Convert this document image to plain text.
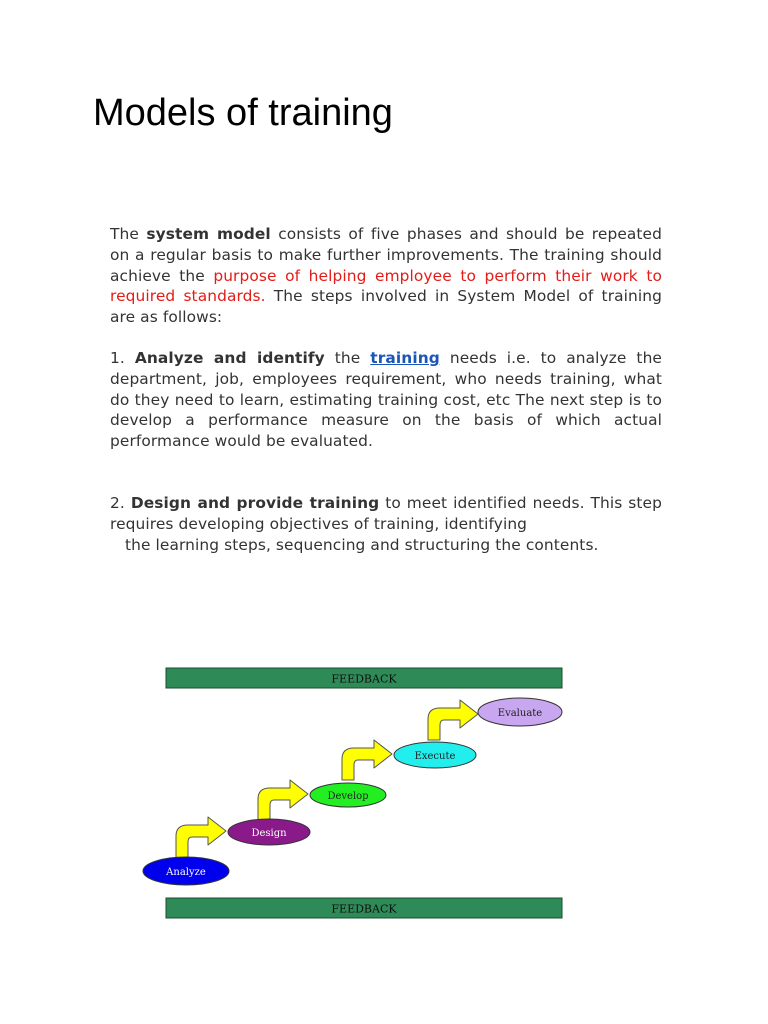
Models of training

The system model consists of five phases and should be repeated on a regular basis to make further improvements. The training should achieve the purpose of helping employee to perform their work to required standards. The steps involved in System Model of training are as follows:

1. Analyze and identify the training needs i.e. to analyze the department, job, employees requirement, who needs training, what do they need to learn, estimating training cost, etc The next step is to develop a performance measure on the basis of which actual performance would be evaluated.

2. Design and provide training to meet identified needs. This step requires developing objectives of training, identifying
the learning steps, sequencing and structuring the contents.

FEEDBACK
FEEDBACK
Analyze
Design
Develop
Execute
Evaluate
